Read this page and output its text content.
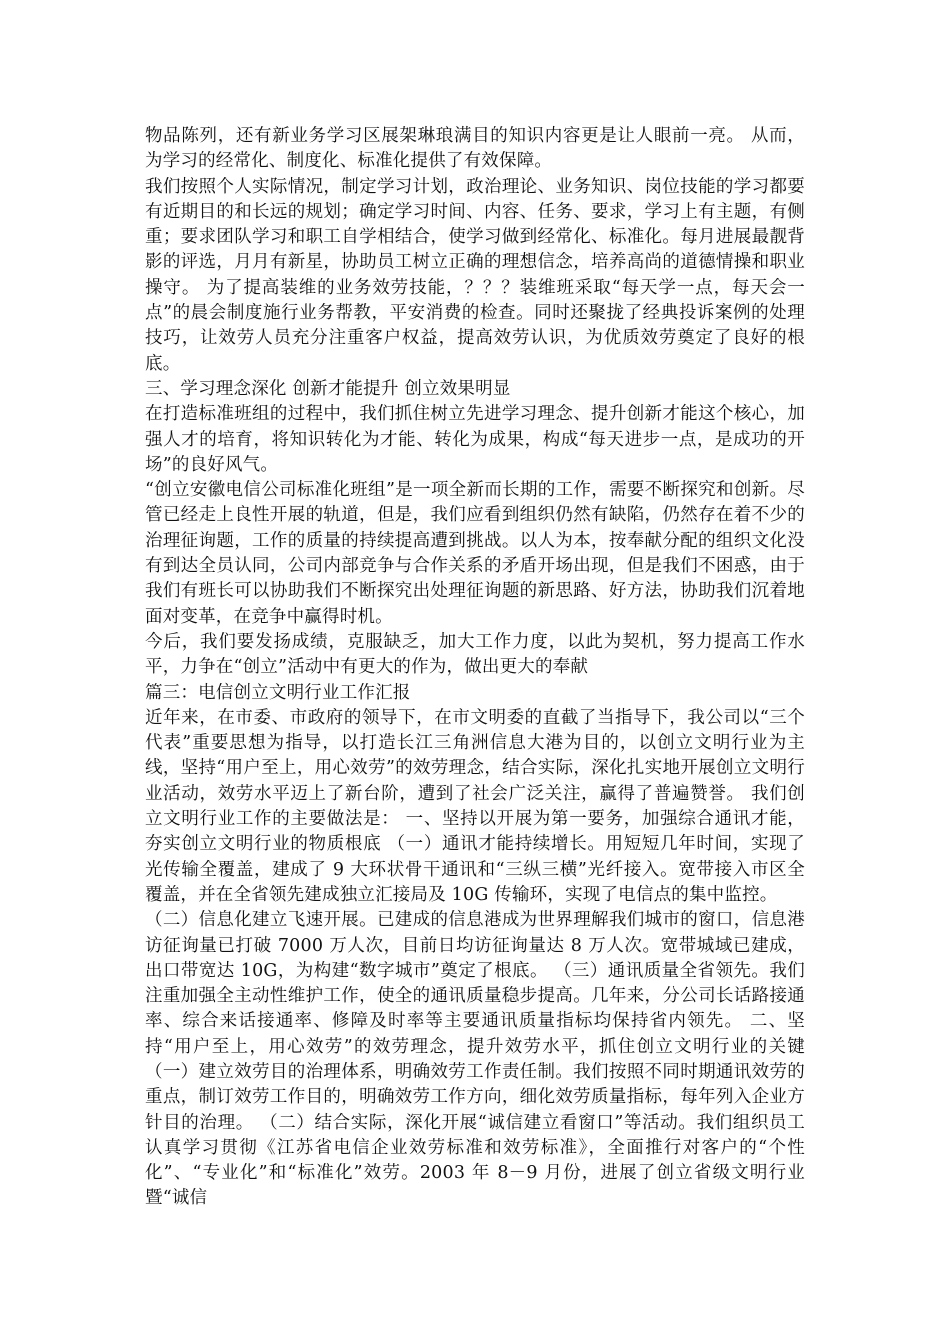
物品陈列，还有新业务学习区展架琳琅满目的知识内容更是让人眼前一亮。 从而，为学习的经常化、制度化、标准化提供了有效保障。

我们按照个人实际情况，制定学习计划，政治理论、业务知识、岗位技能的学习都要有近期目的和长远的规划；确定学习时间、内容、任务、要求，学习上有主题，有侧重；要求团队学习和职工自学相结合，使学习做到经常化、标准化。每月进展最靓背影的评选，月月有新星，协助员工树立正确的理想信念，培养高尚的道德情操和职业操守。 为了提高装维的业务效劳技能，？？？装维班采取“每天学一点，每天会一点”的晨会制度施行业务帮教，平安消费的检查。同时还聚拢了经典投诉案例的处理技巧，让效劳人员充分注重客户权益，提高效劳认识，为优质效劳奠定了良好的根底。

三、学习理念深化 创新才能提升 创立效果明显

在打造标准班组的过程中，我们抓住树立先进学习理念、提升创新才能这个核心，加强人才的培育，将知识转化为才能、转化为成果，构成“每天进步一点，是成功的开场”的良好风气。

“创立安徽电信公司标准化班组”是一项全新而长期的工作，需要不断探究和创新。尽管已经走上良性开展的轨道，但是，我们应看到组织仍然有缺陷，仍然存在着不少的治理征询题，工作的质量的持续提高遭到挑战。以人为本，按奉献分配的组织文化没有到达全员认同，公司内部竞争与合作关系的矛盾开场出现，但是我们不困惑，由于我们有班长可以协助我们不断探究出处理征询题的新思路、好方法，协助我们沉着地面对变革，在竞争中赢得时机。

今后，我们要发扬成绩，克服缺乏，加大工作力度，以此为契机，努力提高工作水平，力争在“创立”活动中有更大的作为，做出更大的奉献

篇三：电信创立文明行业工作汇报

近年来，在市委、市政府的领导下，在市文明委的直截了当指导下，我公司以“三个代表”重要思想为指导，以打造长江三角洲信息大港为目的，以创立文明行业为主线，坚持“用户至上，用心效劳”的效劳理念，结合实际，深化扎实地开展创立文明行业活动，效劳水平迈上了新台阶，遭到了社会广泛关注，赢得了普遍赞誉。 我们创立文明行业工作的主要做法是： 一、坚持以开展为第一要务，加强综合通讯才能，夯实创立文明行业的物质根底 （一）通讯才能持续增长。用短短几年时间，实现了光传输全覆盖，建成了 9 大环状骨干通讯和“三纵三横”光纤接入。宽带接入市区全覆盖，并在全省领先建成独立汇接局及 10G 传输环，实现了电信点的集中监控。

（二）信息化建立飞速开展。已建成的信息港成为世界理解我们城市的窗口，信息港访征询量已打破 7000 万人次，目前日均访征询量达 8 万人次。宽带城域已建成，出口带宽达 10G，为构建“数字城市”奠定了根底。 （三）通讯质量全省领先。我们注重加强全主动性维护工作，使全的通讯质量稳步提高。几年来，分公司长话路接通率、综合来话接通率、修障及时率等主要通讯质量指标均保持省内领先。 二、坚持“用户至上，用心效劳”的效劳理念，提升效劳水平，抓住创立文明行业的关键 （一）建立效劳目的治理体系，明确效劳工作责任制。我们按照不同时期通讯效劳的重点，制订效劳工作目的，明确效劳工作方向，细化效劳质量指标，每年列入企业方针目的治理。 （二）结合实际，深化开展“诚信建立看窗口”等活动。我们组织员工认真学习贯彻《江苏省电信企业效劳标准和效劳标准》，全面推行对客户的“个性化”、“专业化”和“标准化”效劳。2003 年 8－9 月份，进展了创立省级文明行业暨“诚信
